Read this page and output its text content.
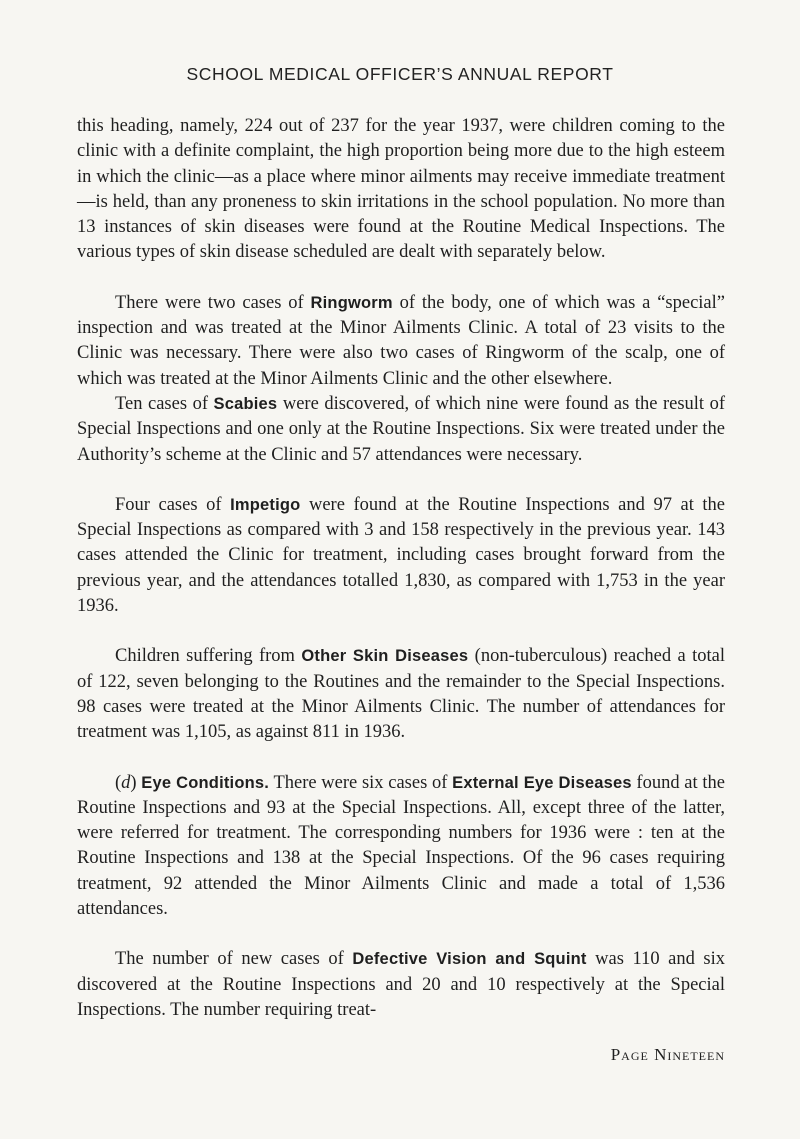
SCHOOL MEDICAL OFFICER’S ANNUAL REPORT

this heading, namely, 224 out of 237 for the year 1937, were children coming to the clinic with a definite complaint, the high proportion being more due to the high esteem in which the clinic—as a place where minor ailments may receive immediate treatment—is held, than any proneness to skin irritations in the school population. No more than 13 instances of skin diseases were found at the Routine Medical Inspections. The various types of skin disease scheduled are dealt with separately below.

There were two cases of Ringworm of the body, one of which was a “special” inspection and was treated at the Minor Ailments Clinic. A total of 23 visits to the Clinic was necessary. There were also two cases of Ringworm of the scalp, one of which was treated at the Minor Ailments Clinic and the other elsewhere.

Ten cases of Scabies were discovered, of which nine were found as the result of Special Inspections and one only at the Routine Inspections. Six were treated under the Authority’s scheme at the Clinic and 57 attendances were necessary.

Four cases of Impetigo were found at the Routine Inspections and 97 at the Special Inspections as compared with 3 and 158 respectively in the previous year. 143 cases attended the Clinic for treatment, including cases brought forward from the previous year, and the attendances totalled 1,830, as compared with 1,753 in the year 1936.

Children suffering from Other Skin Diseases (non-tuberculous) reached a total of 122, seven belonging to the Routines and the remainder to the Special Inspections. 98 cases were treated at the Minor Ailments Clinic. The number of attendances for treatment was 1,105, as against 811 in 1936.

(d) Eye Conditions. There were six cases of External Eye Diseases found at the Routine Inspections and 93 at the Special Inspections. All, except three of the latter, were referred for treatment. The corresponding numbers for 1936 were : ten at the Routine Inspections and 138 at the Special Inspections. Of the 96 cases requiring treatment, 92 attended the Minor Ailments Clinic and made a total of 1,536 attendances.

The number of new cases of Defective Vision and Squint was 110 and six discovered at the Routine Inspections and 20 and 10 respectively at the Special Inspections. The number requiring treat-

Page Nineteen
